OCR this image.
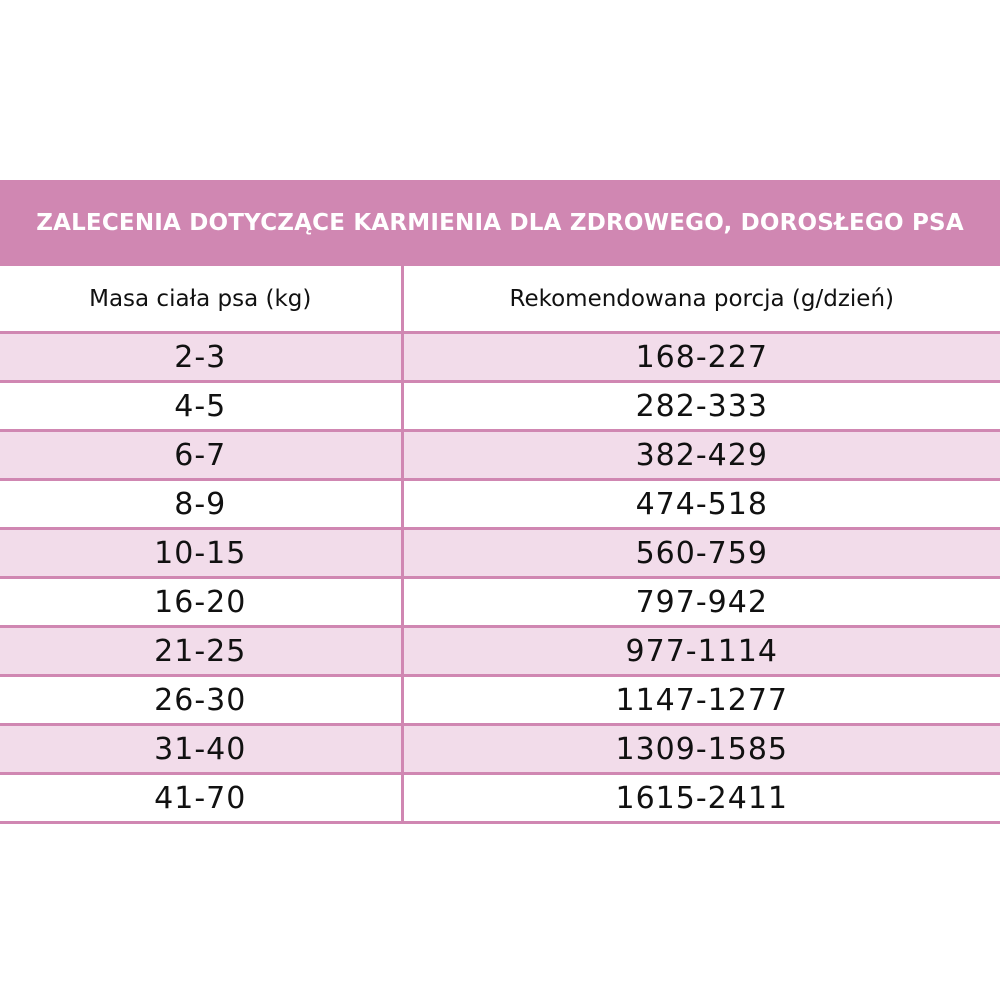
ZALECENIA DOTYCZĄCE KARMIENIA DLA ZDROWEGO, DOROSŁEGO PSA	
Masa ciała psa (kg)	Rekomendowana porcja (g/dzień)
2-3	168-227
4-5	282-333
6-7	382-429
8-9	474-518
10-15	560-759
16-20	797-942
21-25	977-1114
26-30	1147-1277
31-40	1309-1585
41-70	1615-2411
